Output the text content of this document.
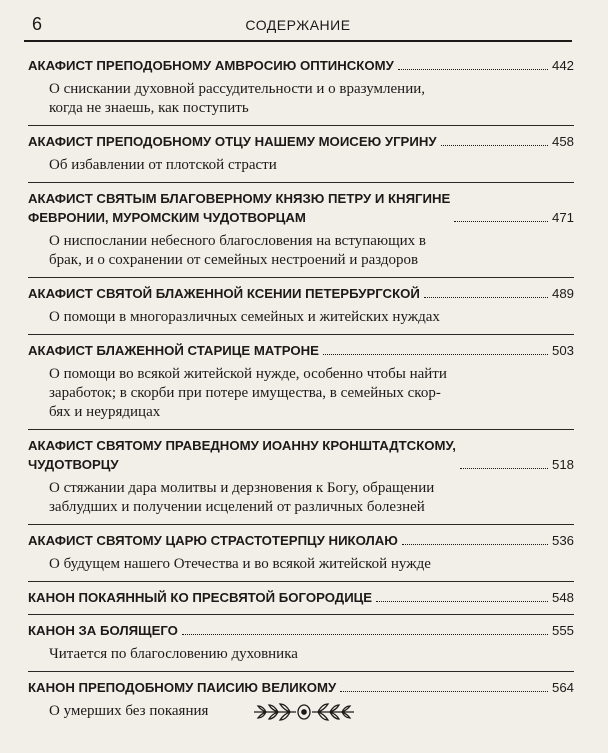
6	СОДЕРЖАНИЕ
АКАФИСТ ПРЕПОДОБНОМУ АМВРОСИЮ ОПТИНСКОМУ	442
О снискании духовной рассудительности и о вразумлении,
когда не знаешь, как поступить
АКАФИСТ ПРЕПОДОБНОМУ ОТЦУ НАШЕМУ МОИСЕЮ УГРИНУ	458
Об избавлении от плотской страсти
АКАФИСТ СВЯТЫМ БЛАГОВЕРНОМУ КНЯЗЮ ПЕТРУ И КНЯГИНЕ
ФЕВРОНИИ, МУРОМСКИМ ЧУДОТВОРЦАМ	471
О ниспослании небесного благословения на вступающих в
брак, и о сохранении от семейных нестроений и раздоров
АКАФИСТ СВЯТОЙ БЛАЖЕННОЙ КСЕНИИ ПЕТЕРБУРГСКОЙ	489
О помощи в многоразличных семейных и житейских нуждах
АКАФИСТ БЛАЖЕННОЙ СТАРИЦЕ МАТРОНЕ	503
О помощи во всякой житейской нужде, особенно чтобы найти
заработок; в скорби при потере имущества, в семейных скор-
бях и неурядицах
АКАФИСТ СВЯТОМУ ПРАВЕДНОМУ ИОАННУ КРОНШТАДТСКОМУ,
ЧУДОТВОРЦУ	518
О стяжании дара молитвы и дерзновения к Богу, обращении
заблудших и получении исцелений от различных болезней
АКАФИСТ СВЯТОМУ ЦАРЮ СТРАСТОТЕРПЦУ НИКОЛАЮ	536
О будущем нашего Отечества и во всякой житейской нужде
КАНОН ПОКАЯННЫЙ КО ПРЕСВЯТОЙ БОГОРОДИЦЕ	548
КАНОН ЗА БОЛЯЩЕГО	555
Читается по благословению духовника
КАНОН ПРЕПОДОБНОМУ ПАИСИЮ ВЕЛИКОМУ	564
О умерших без покаяния
